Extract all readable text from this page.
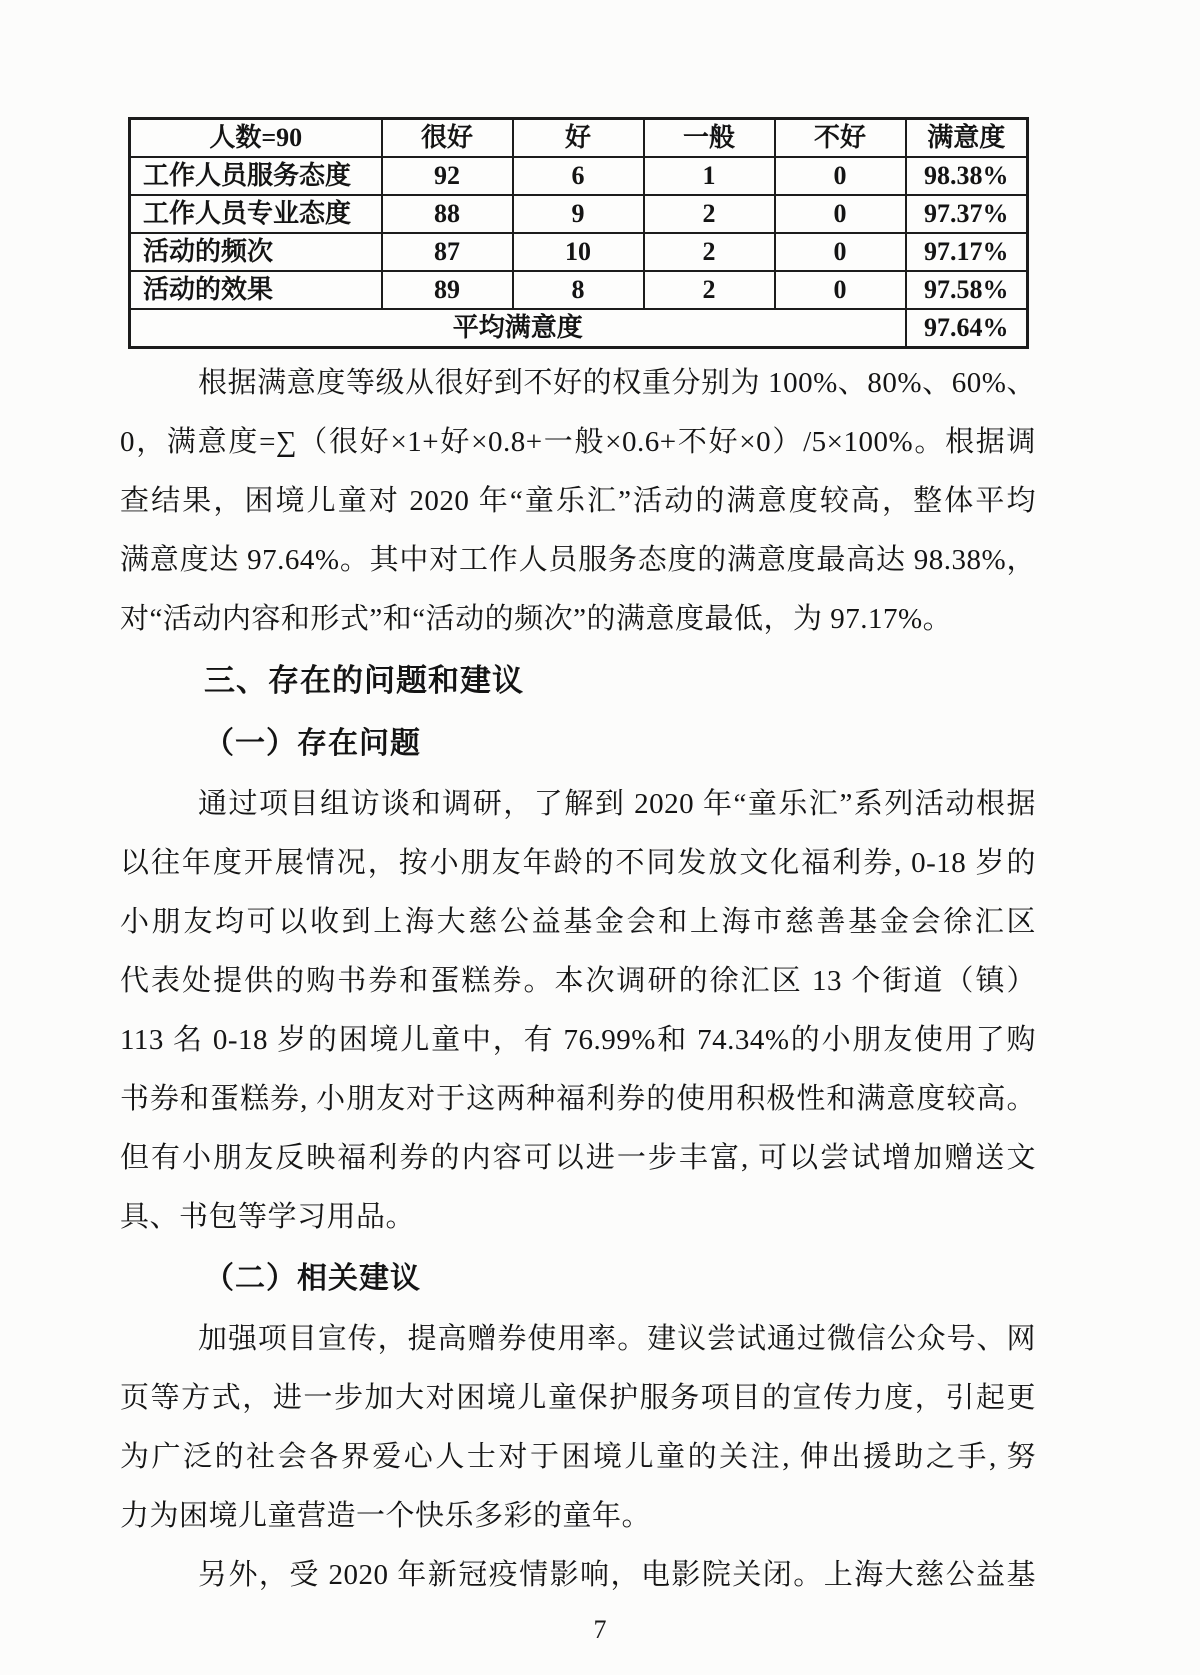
人数=90	很好	好	一般	不好	满意度
工作人员服务态度	92	6	1	0	98.38%
工作人员专业态度	88	9	2	0	97.37%
活动的频次	87	10	2	0	97.17%
活动的效果	89	8	2	0	97.58%
平均满意度					97.64%
根据满意度等级从很好到不好的权重分别为 100%、80%、60%、
0，满意度=∑（很好×1+好×0.8+一般×0.6+不好×0）/5×100%。根据调
查结果，困境儿童对 2020 年“童乐汇”活动的满意度较高，整体平均
满意度达 97.64%。其中对工作人员服务态度的满意度最高达 98.38%，
对“活动内容和形式”和“活动的频次”的满意度最低，为 97.17%。
三、存在的问题和建议
（一）存在问题
通过项目组访谈和调研，了解到 2020 年“童乐汇”系列活动根据
以往年度开展情况，按小朋友年龄的不同发放文化福利券, 0-18 岁的
小朋友均可以收到上海大慈公益基金会和上海市慈善基金会徐汇区
代表处提供的购书券和蛋糕券。本次调研的徐汇区 13 个街道（镇）
113 名 0-18 岁的困境儿童中，有 76.99%和 74.34%的小朋友使用了购
书券和蛋糕券, 小朋友对于这两种福利券的使用积极性和满意度较高。
但有小朋友反映福利券的内容可以进一步丰富, 可以尝试增加赠送文
具、书包等学习用品。
（二）相关建议
加强项目宣传，提高赠券使用率。建议尝试通过微信公众号、网
页等方式，进一步加大对困境儿童保护服务项目的宣传力度，引起更
为广泛的社会各界爱心人士对于困境儿童的关注, 伸出援助之手, 努
力为困境儿童营造一个快乐多彩的童年。
另外，受 2020 年新冠疫情影响，电影院关闭。上海大慈公益基
7
